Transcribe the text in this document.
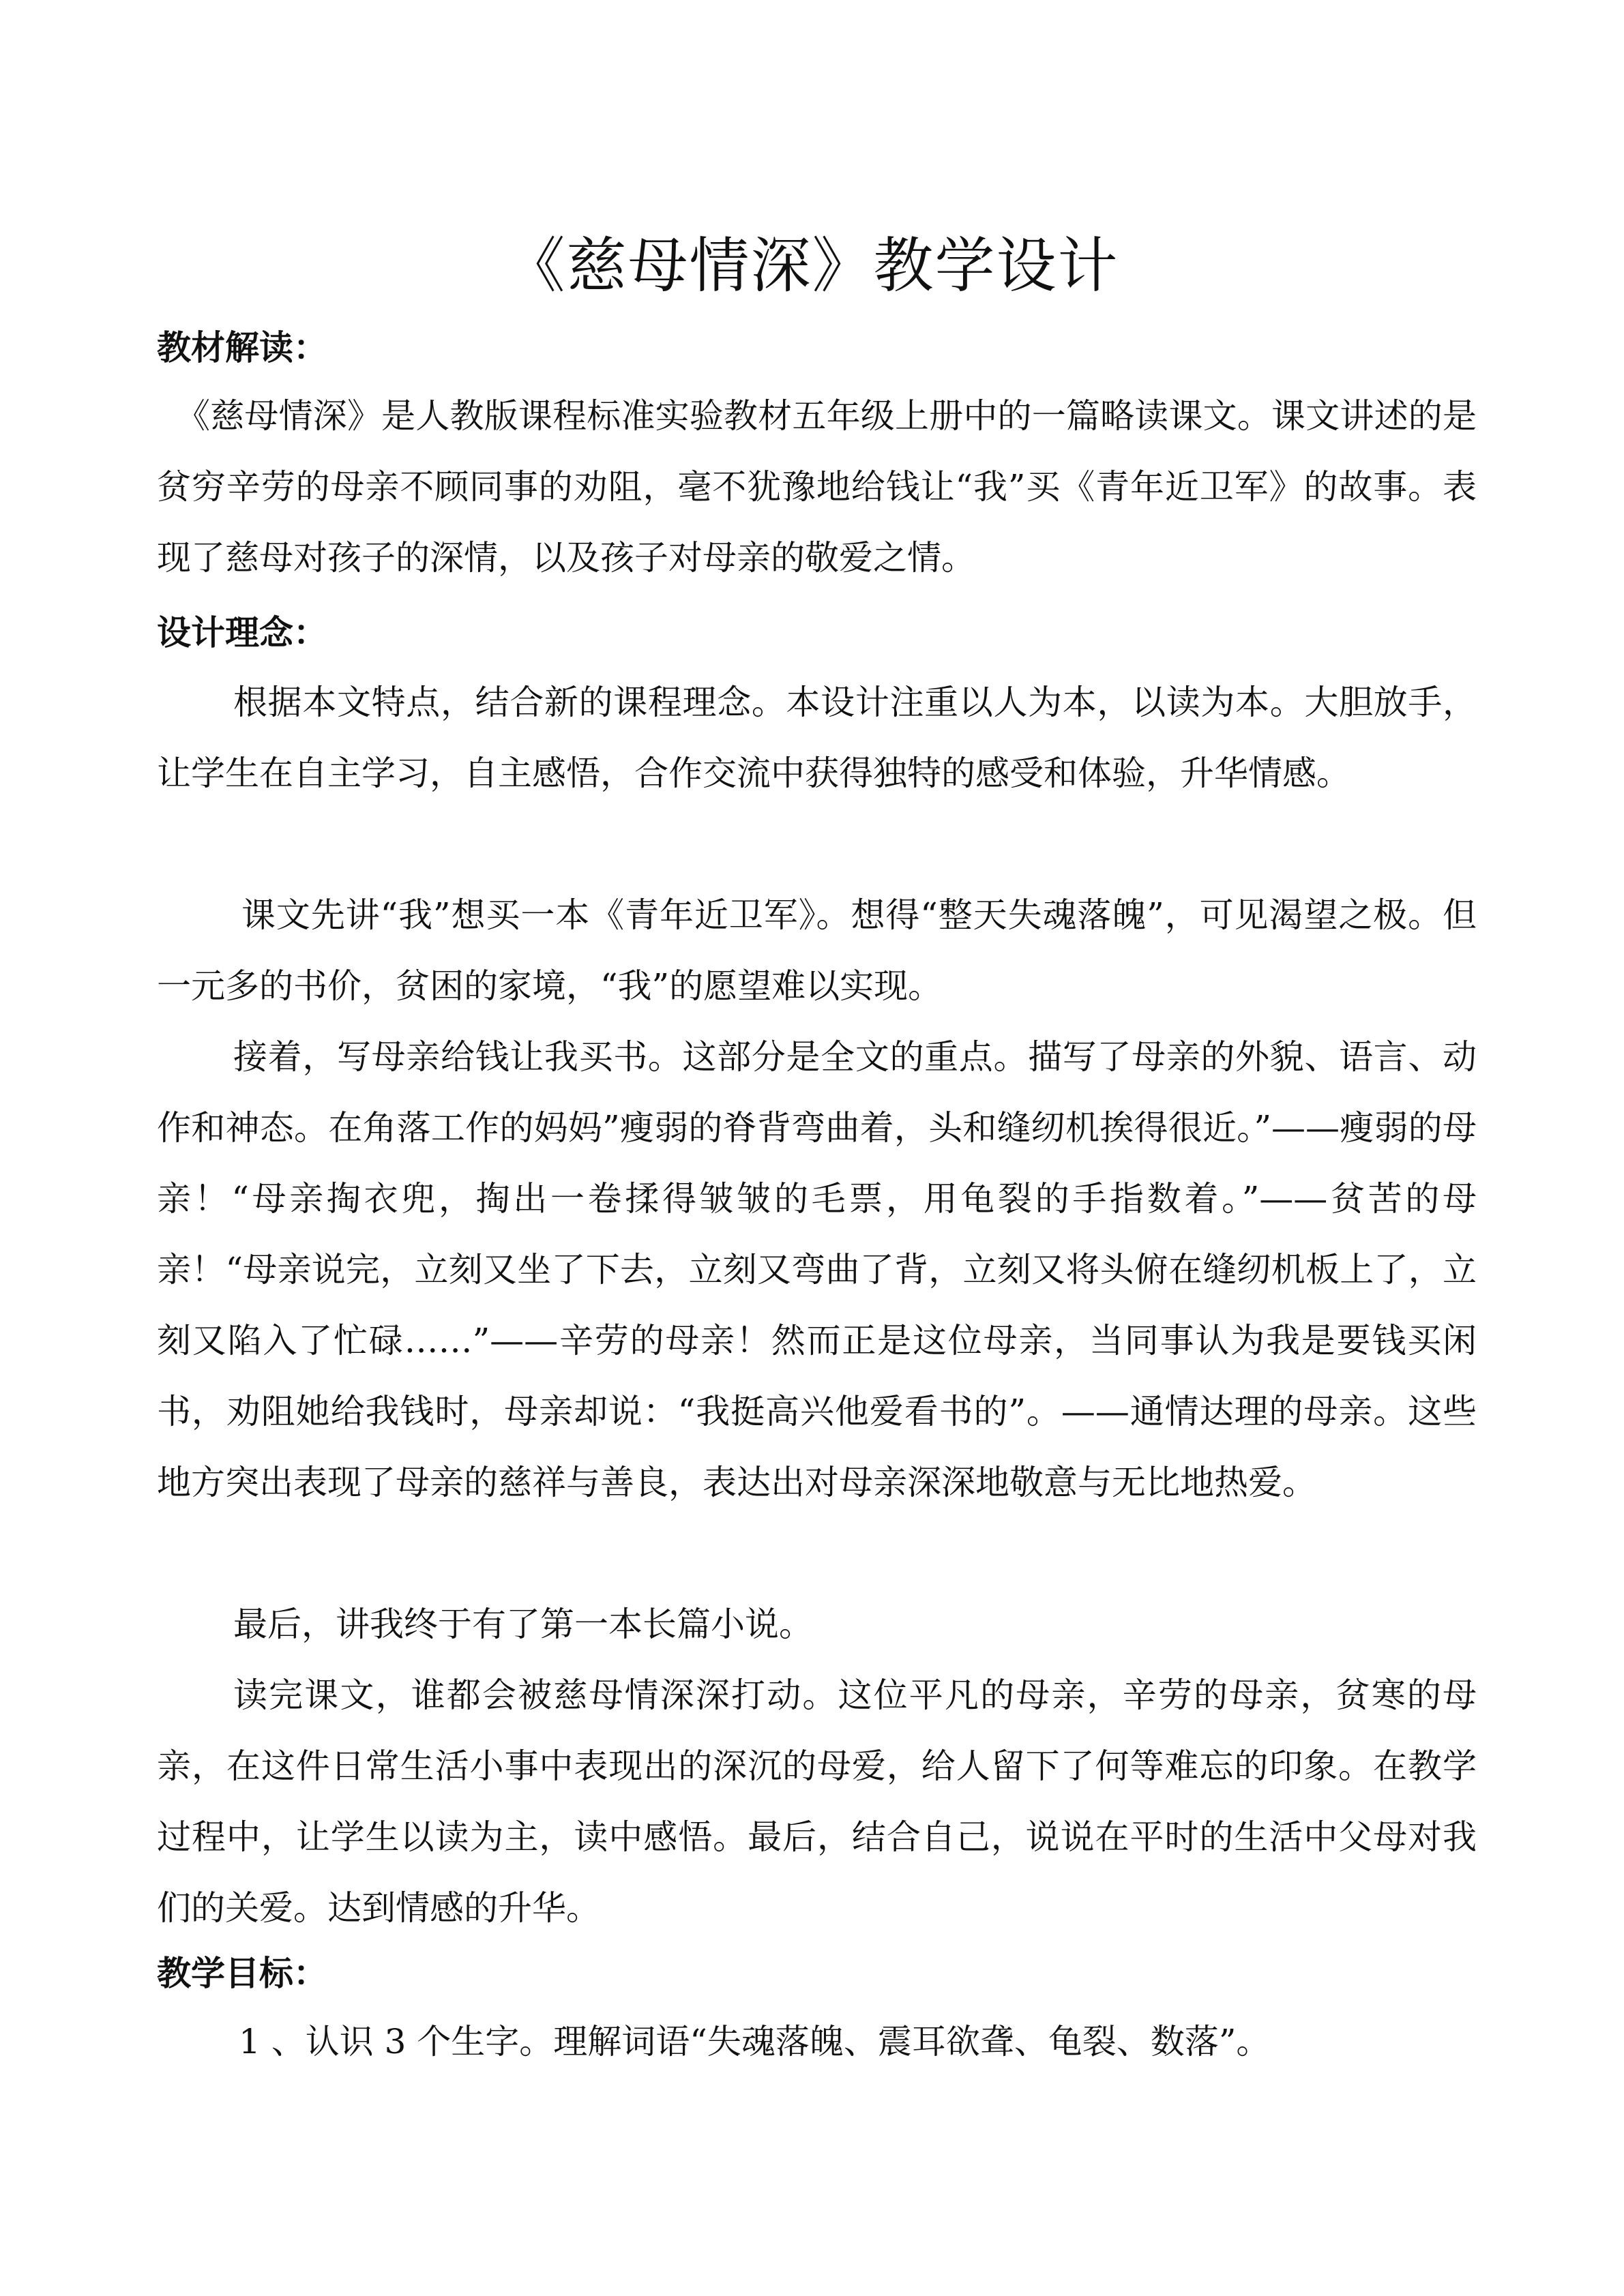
《慈母情深》教学设计
教材解读：

《慈母情深》是人教版课程标准实验教材五年级上册中的一篇略读课文。课文讲述的是贫穷辛劳的母亲不顾同事的劝阻，毫不犹豫地给钱让“我”买《青年近卫军》的故事。表现了慈母对孩子的深情，以及孩子对母亲的敬爱之情。

设计理念：

根据本文特点，结合新的课程理念。本设计注重以人为本，以读为本。大胆放手，让学生在自主学习，自主感悟，合作交流中获得独特的感受和体验，升华情感。

课文先讲“我”想买一本《青年近卫军》。想得“整天失魂落魄”，可见渴望之极。但一元多的书价，贫困的家境，“我”的愿望难以实现。

接着，写母亲给钱让我买书。这部分是全文的重点。描写了母亲的外貌、语言、动作和神态。在角落工作的妈妈”瘦弱的脊背弯曲着，头和缝纫机挨得很近。”——瘦弱的母亲！“母亲掏衣兜，掏出一卷揉得皱皱的毛票，用龟裂的手指数着。”——贫苦的母亲！“母亲说完，立刻又坐了下去，立刻又弯曲了背，立刻又将头俯在缝纫机板上了，立刻又陷入了忙碌……”——辛劳的母亲！然而正是这位母亲，当同事认为我是要钱买闲书，劝阻她给我钱时，母亲却说：“我挺高兴他爱看书的”。——通情达理的母亲。这些地方突出表现了母亲的慈祥与善良，表达出对母亲深深地敬意与无比地热爱。

最后，讲我终于有了第一本长篇小说。

读完课文，谁都会被慈母情深深打动。这位平凡的母亲，辛劳的母亲，贫寒的母亲，在这件日常生活小事中表现出的深沉的母爱，给人留下了何等难忘的印象。在教学过程中，让学生以读为主，读中感悟。最后，结合自己，说说在平时的生活中父母对我们的关爱。达到情感的升华。

教学目标：

1 、认识 3 个生字。理解词语“失魂落魄、震耳欲聋、龟裂、数落”。
